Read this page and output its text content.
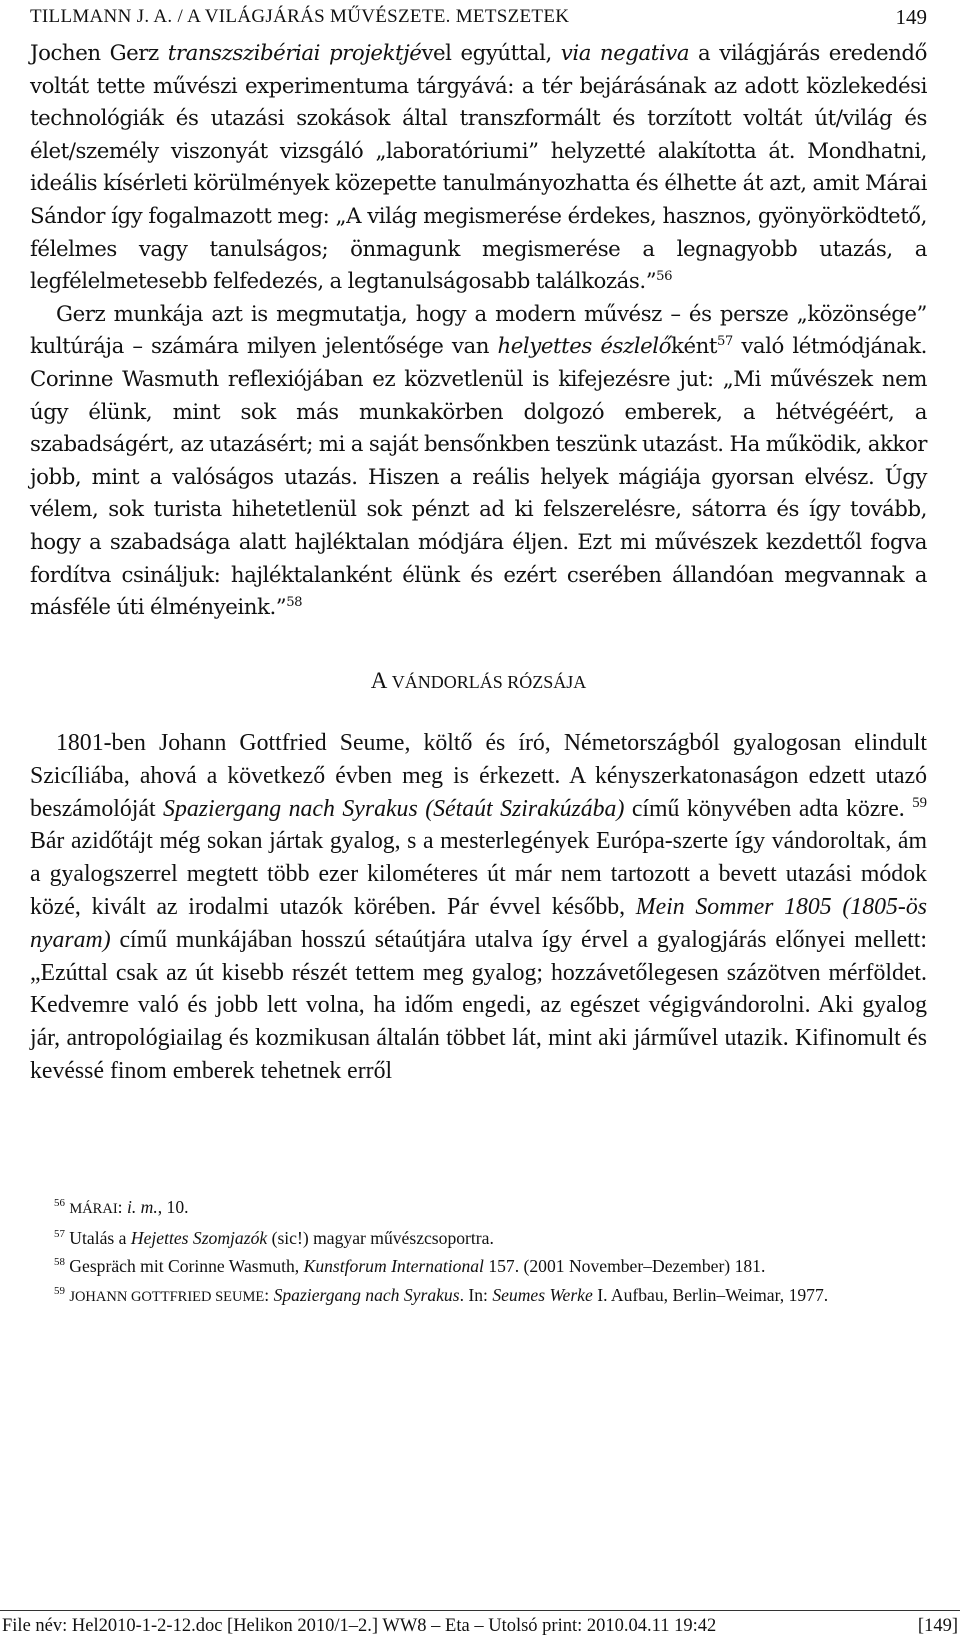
TILLMANN J. A. / A VILÁGJÁRÁS MŰVÉSZETE. METSZETEK	149

Jochen Gerz transzszibériai projektjével egyúttal, via negativa a világjárás eredendő voltát tette művészi experimentuma tárgyává: a tér bejárásának az adott közlekedési technológiák és utazási szokások által transzformált és torzított voltát út/világ és élet/személy viszonyát vizsgáló „laboratóriumi” helyzetté alakította át. Mondhatni, ideális kísérleti körülmények közepette tanulmányozhatta és élhette át azt, amit Márai Sándor így fogalmazott meg: „A világ megismerése érdekes, hasznos, gyönyörködtető, félelmes vagy tanulságos; önmagunk megismerése a legnagyobb utazás, a legfélelmetesebb felfedezés, a legtanulságosabb találkozás.”$^{56}$

Gerz munkája azt is megmutatja, hogy a modern művész – és persze „közönsége” kultúrája – számára milyen jelentősége van helyettes észlelőként$^{57}$ való létmódjának. Corinne Wasmuth reflexiójában ez közvetlenül is kifejezésre jut: „Mi művészek nem úgy élünk, mint sok más munkakörben dolgozó emberek, a hétvégéért, a szabadságért, az utazásért; mi a saját bensőnkben teszünk utazást. Ha működik, akkor jobb, mint a valóságos utazás. Hiszen a reális helyek mágiája gyorsan elvész. Úgy vélem, sok turista hihetetlenül sok pénzt ad ki felszerelésre, sátorra és így tovább, hogy a szabadsága alatt hajléktalan módjára éljen. Ezt mi művészek kezdettől fogva fordítva csináljuk: hajléktalanként élünk és ezért cserében állandóan megvannak a másféle úti élményeink.”$^{58}$

A VÁNDORLÁS RÓZSÁJA

1801-ben Johann Gottfried Seume, költő és író, Németországból gyalogosan elindult Szicíliába, ahová a következő évben meg is érkezett. A kényszerkatonaságon edzett utazó beszámolóját Spaziergang nach Syrakus (Sétaút Szirakúzába) című könyvében adta közre. $^{59}$ Bár azidőtájt még sokan jártak gyalog, s a mesterlegények Európa-szerte így vándoroltak, ám a gyalogszerrel megtett több ezer kilométeres út már nem tartozott a bevett utazási módok közé, kivált az irodalmi utazók körében. Pár évvel később, Mein Sommer 1805 (1805-ös nyaram) című munkájában hosszú sétaútjára utalva így érvel a gyalogjárás előnyei mellett: „Ezúttal csak az út kisebb részét tettem meg gyalog; hozzávetőlegesen százötven mérföldet. Kedvemre való és jobb lett volna, ha időm engedi, az egészet végigvándorolni. Aki gyalog jár, antropológiailag és kozmikusan általán többet lát, mint aki járművel utazik. Kifinomult és kevéssé finom emberek tehetnek erről

$^{56}$ MÁRAI: i. m., 10.

$^{57}$ Utalás a Hejettes Szomjazók (sic!) magyar művészcsoportra.

$^{58}$ Gespräch mit Corinne Wasmuth, Kunstforum International 157. (2001 November–Dezember) 181.

$^{59}$ JOHANN GOTTFRIED SEUME: Spaziergang nach Syrakus. In: Seumes Werke I. Aufbau, Berlin–Weimar, 1977.

File név: Hel2010-1-2-12.doc [Helikon 2010/1–2.] WW8 – Eta – Utolsó print: 2010.04.11 19:42	[149]
